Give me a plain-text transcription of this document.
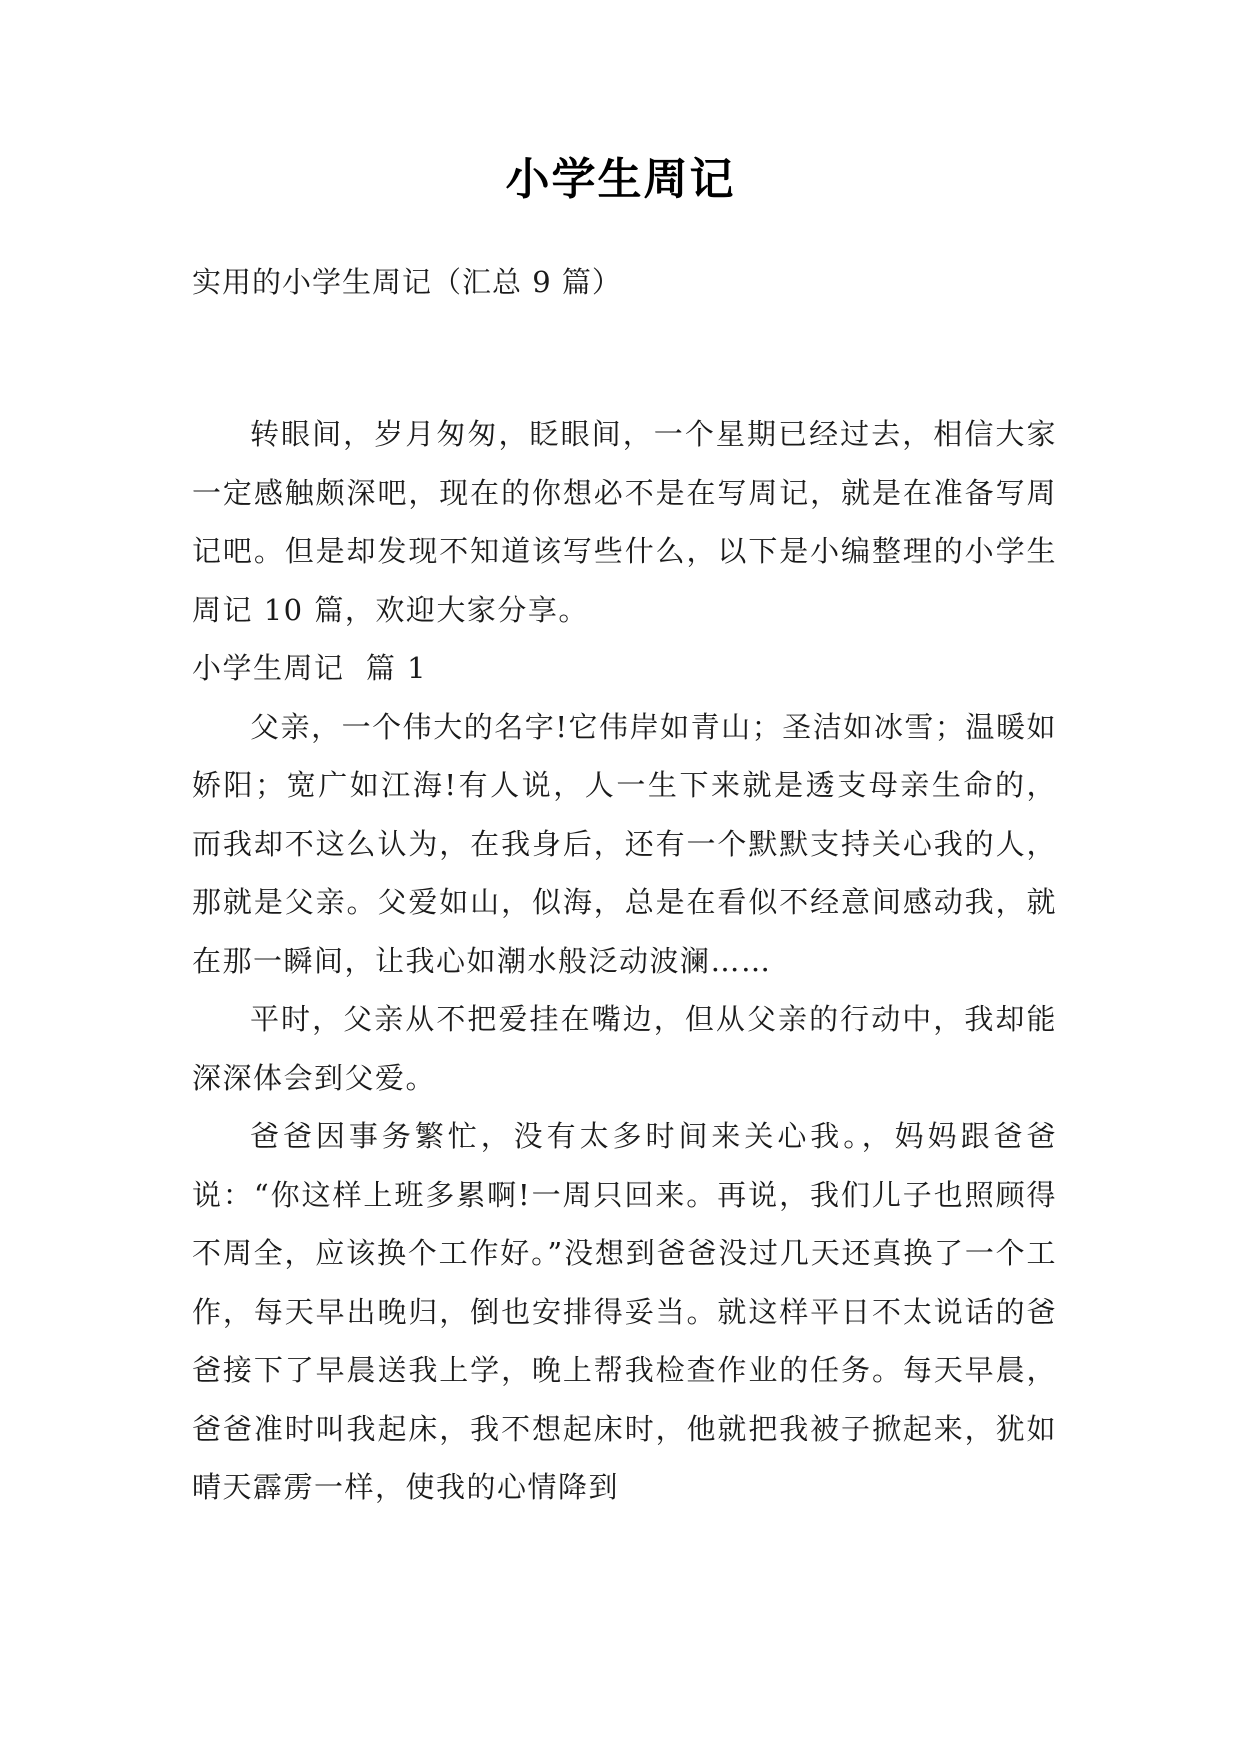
小学生周记
实用的小学生周记（汇总 9 篇）

转眼间，岁月匆匆，眨眼间，一个星期已经过去，相信大家一定感触颇深吧，现在的你想必不是在写周记，就是在准备写周记吧。但是却发现不知道该写些什么，以下是小编整理的小学生周记 10 篇，欢迎大家分享。

小学生周记  篇 1

父亲，一个伟大的名字!它伟岸如青山；圣洁如冰雪；温暖如娇阳；宽广如江海!有人说，人一生下来就是透支母亲生命的，而我却不这么认为，在我身后，还有一个默默支持关心我的人，那就是父亲。父爱如山，似海，总是在看似不经意间感动我，就在那一瞬间，让我心如潮水般泛动波澜……

平时，父亲从不把爱挂在嘴边，但从父亲的行动中，我却能深深体会到父爱。

爸爸因事务繁忙，没有太多时间来关心我。，妈妈跟爸爸说：“你这样上班多累啊!一周只回来。再说，我们儿子也照顾得不周全，应该换个工作好。”没想到爸爸没过几天还真换了一个工作，每天早出晚归，倒也安排得妥当。就这样平日不太说话的爸爸接下了早晨送我上学，晚上帮我检查作业的任务。每天早晨，爸爸准时叫我起床，我不想起床时，他就把我被子掀起来，犹如晴天霹雳一样，使我的心情降到
